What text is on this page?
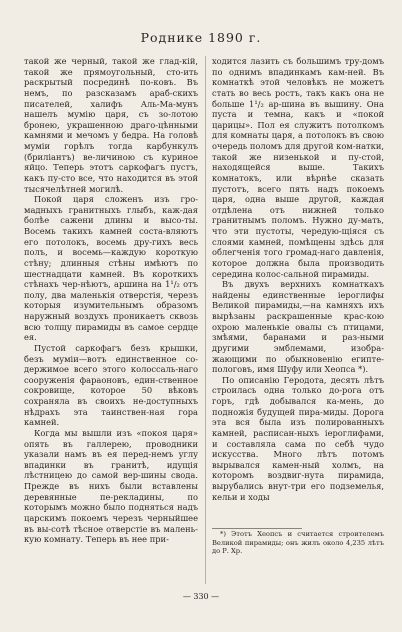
Роднике 1890 г.

такой же черный, такой же глад-кій, такой же прямоугольный, сто-ить раскрытый посрединѣ по-ковъ. Въ немъ, по разсказамъ араб-скихъ писателей, халифъ Аль-Ма-мунъ нашелъ мумію царя, съ зо-лотою бронею, украшенною драго-цѣнными камнями и мечомъ у бедра. На головѣ муміи горѣлъ тогда карбункулъ (бриліантъ) ве-личиною съ куриное яйцо. Теперь этотъ саркофагъ пустъ, какъ пу-сто все, что находится въ этой тысячелѣтней могилѣ.

Покой царя сложенъ изъ гро-мадныхъ гранитныхъ глыбъ, каж-дая болѣе сажени длины и высо-ты. Восемь такихъ камней соста-вляютъ его потолокъ, восемь дру-гихъ весь полъ, и восемь—каждую короткую стѣну; длинныя стѣны имѣютъ по шестнадцати камней. Въ короткихъ стѣнахъ чер-нѣютъ, аршина на 1¹/₂ отъ полу, два маленькія отверстія, черезъ которыя изумительнымъ образомъ наружный воздухъ проникаетъ сквозь всю толщу пирамиды въ самое сердце ея.

Пустой саркофагъ безъ крышки, безъ муміи—вотъ единственное со-держимое всего этого колоссаль-наго сооруженія фараоновъ, един-ственное сокровище, которое 50 вѣковъ сохраняла въ своихъ не-доступныхъ нѣдрахъ эта таинствен-ная гора камней.

Когда мы вышли изъ «покоя царя» опять въ галлерею, проводники указали намъ въ ея перед-немъ углу впадинки въ гранитѣ, идущія лѣстницею до самой вер-шины свода. Прежде въ нихъ были вставлены деревянные пе-рекладины, по которымъ можно было подняться надъ царскимъ покоемъ черезъ черныйшее въ вы-сотѣ тѣсное отверстіе въ малень-кую комнату. Теперь въ нее при-

ходится лазить съ большимъ тру-домъ по однимъ впадинкамъ кам-ней. Въ комнаткѣ этой человѣкъ не можетъ стать во весь ростъ, такъ какъ она не больше 1¹/₂ ар-шина въ вышину. Она пуста и темна, какъ и «покой царицы». Пол ея служитъ потолкомъ для комнаты царя, а потолокъ въ свою очередь поломъ для другой ком-натки, такой же низенькой и пу-стой, находящейся выше. Такихъ комнатокъ, или вѣрнѣе сказать пустотъ, всего пять надъ покоемъ царя, одна выше другой, каждая отдѣлена отъ нижней только гранитнымъ поломъ. Нужно ду-мать, что эти пустоты, чередую-щіяся съ слоями камней, помѣщены здѣсь для облегченія того громад-наго давленія, которое должна была производить середина колос-сальной пирамиды.

Въ двухъ верхнихъ комнаткахъ найдены единственные іероглифы Великой пирамиды,—на камняхъ ихъ вырѣзаны раскрашенные крас-кою охрою маленькіе овалы съ птицами, змѣями, баранами и раз-ными другими эмблемами, изобра-жающими по обыкновенію египте-пологовъ, имя Шуфу или Хеопса *).

По описанію Геродота, десять лѣтъ строилась одна только до-рога отъ горъ, гдѣ добывался ка-мень, до подножія будущей пира-миды. Дорога эта вся была изъ полированныхъ камней, расписан-ныхъ іероглифами, и составляла сама по себѣ чудо искусства. Много лѣтъ потомъ вырывался камен-ный холмъ, на которомъ воздвиг-нута пирамида, вырубались внут-три его подземелья, кельи и ходы

*) Этотъ Хеопсъ и считается строителемъ Великой пирамиды; онъ жилъ около 4,235 лѣтъ до Р. Хр.

— 330 —
